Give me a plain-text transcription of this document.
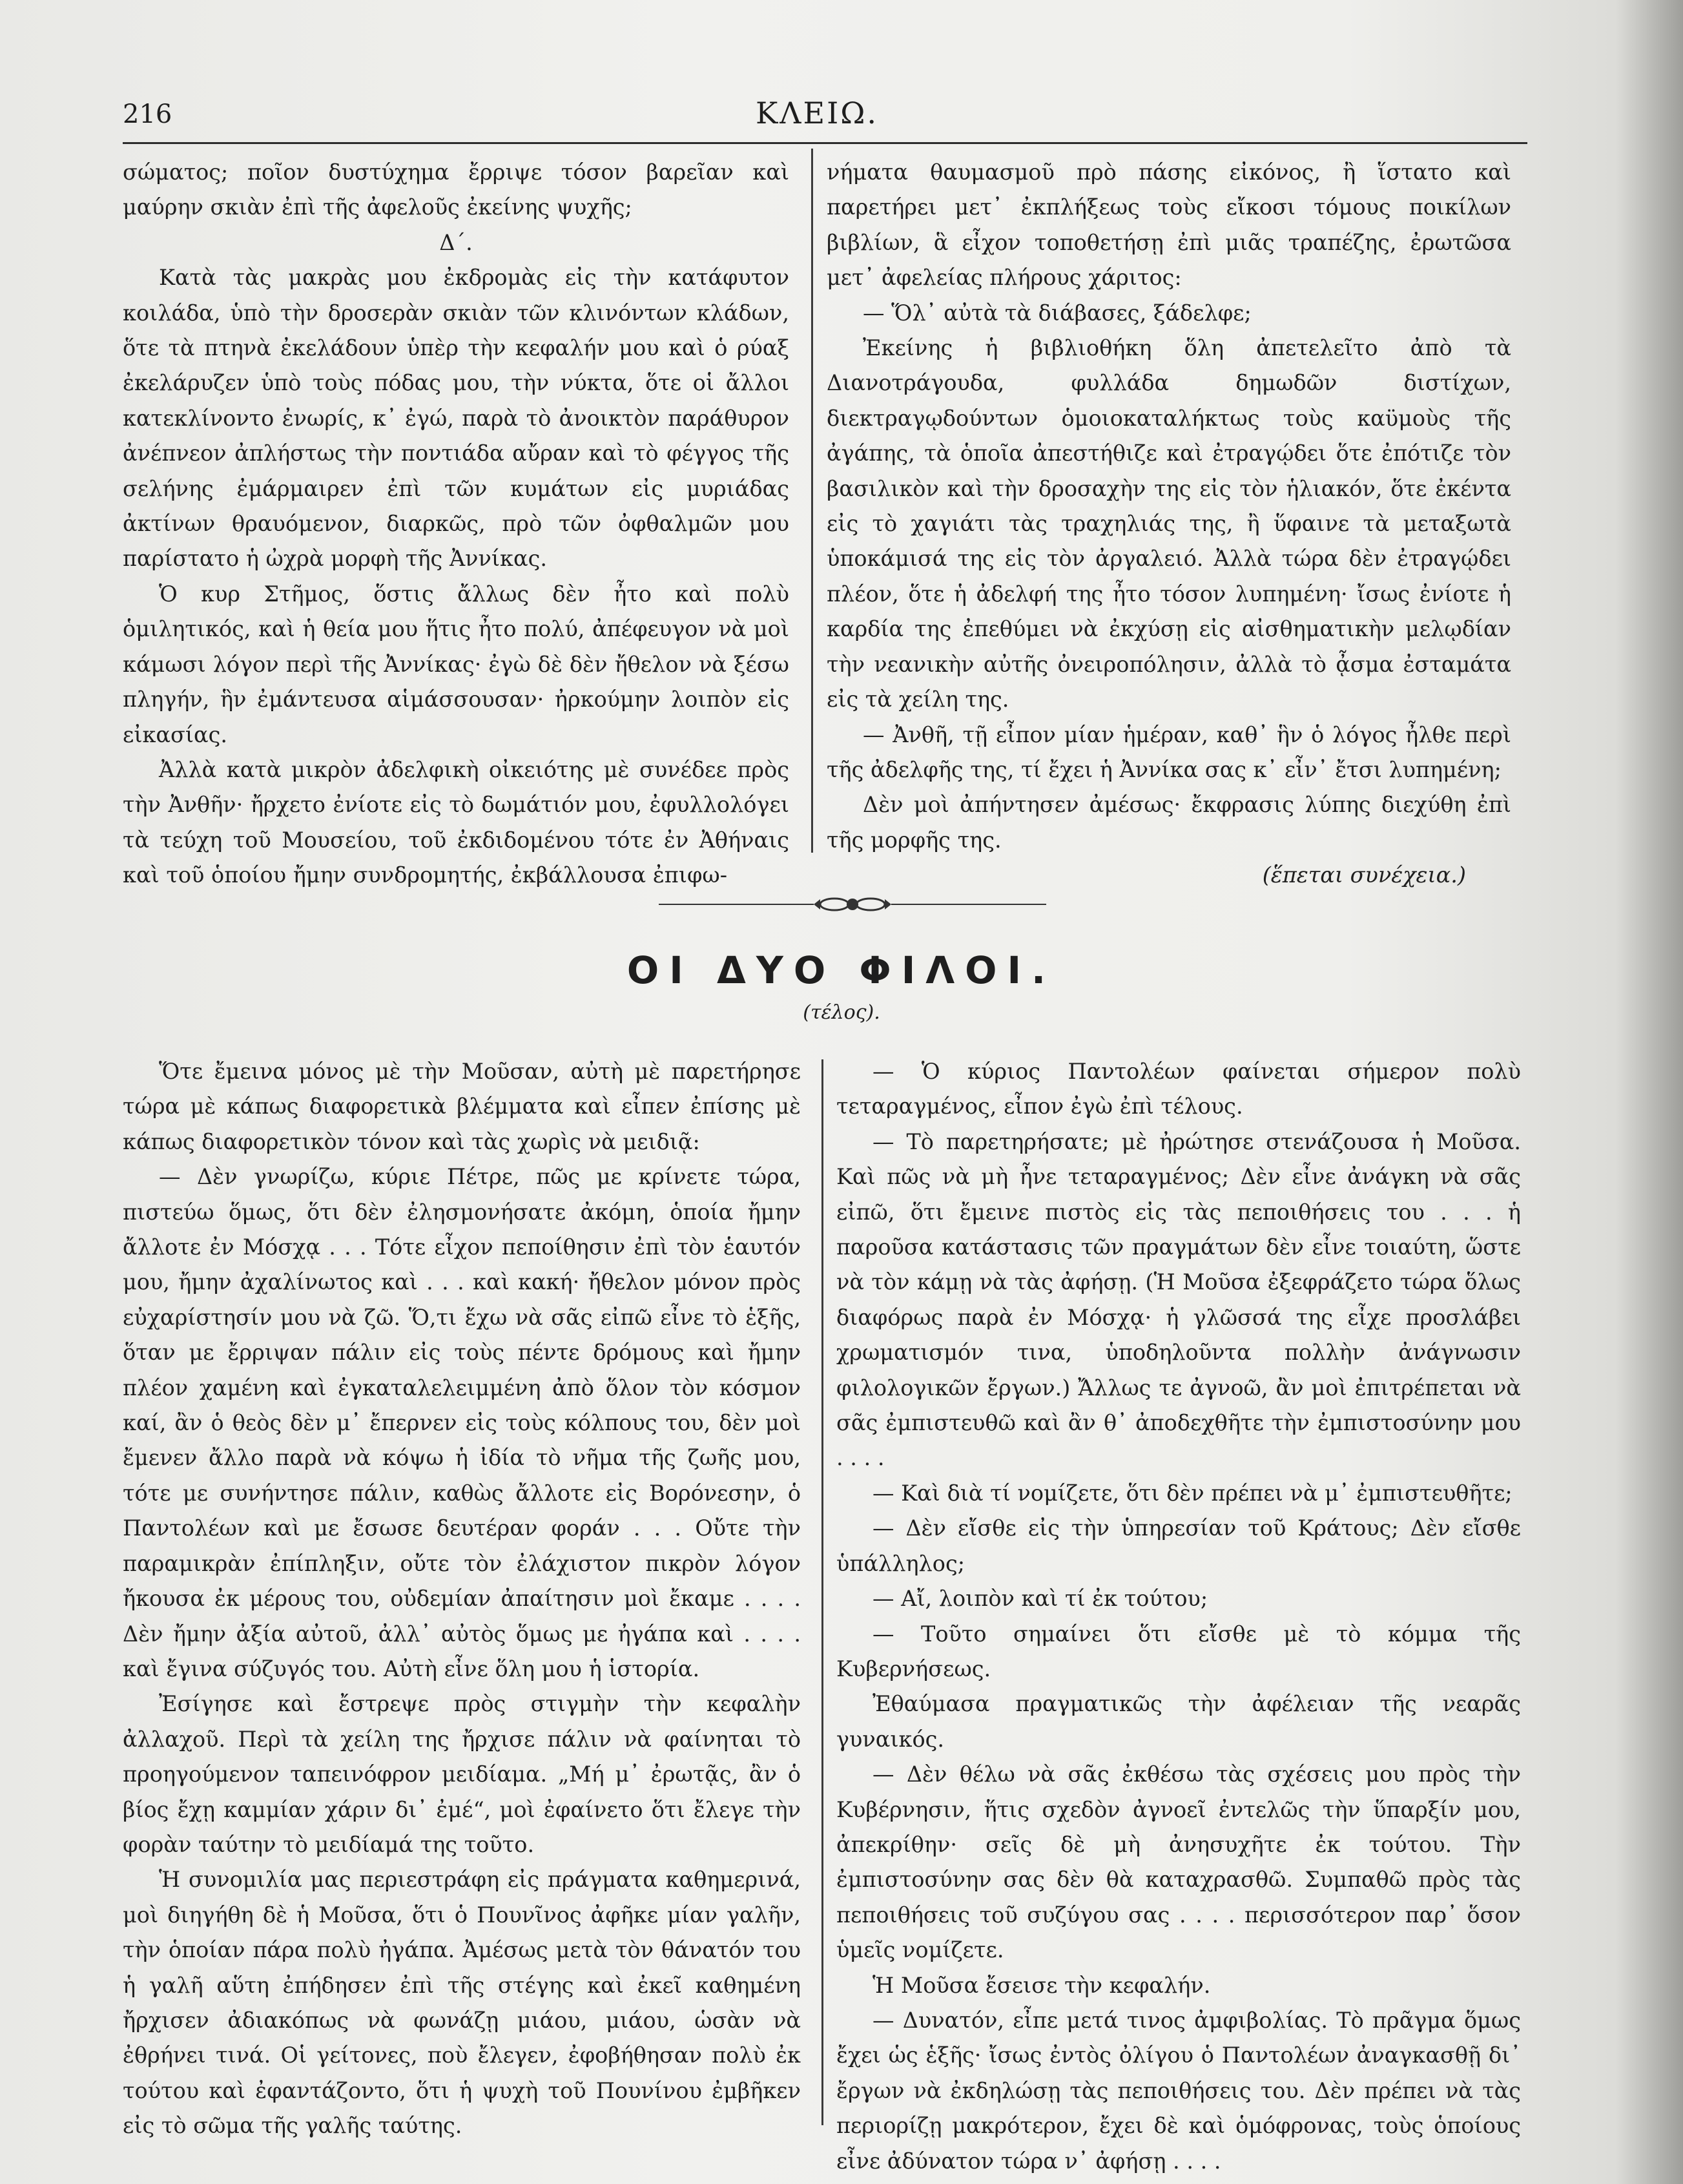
216	ΚΛΕΙΩ.

σώματος; ποῖον δυστύχημα ἔρριψε τόσον βαρεῖαν καὶ μαύρην σκιὰν ἐπὶ τῆς ἀφελοῦς ἐκείνης ψυχῆς;

Δ΄.

Κατὰ τὰς μακρὰς μου ἐκδρομὰς εἰς τὴν κατάφυτον κοιλάδα, ὑπὸ τὴν δροσερὰν σκιὰν τῶν κλινόντων κλάδων, ὅτε τὰ πτηνὰ ἐκελάδουν ὑπὲρ τὴν κεφαλήν μου καὶ ὁ ρύαξ ἐκελάρυζεν ὑπὸ τοὺς πόδας μου, τὴν νύκτα, ὅτε οἱ ἄλλοι κατεκλίνοντο ἐνωρίς, κ᾿ ἐγώ, παρὰ τὸ ἀνοικτὸν παράθυρον ἀνέπνεον ἀπλήστως τὴν ποντιάδα αὔραν καὶ τὸ φέγγος τῆς σελήνης ἐμάρμαιρεν ἐπὶ τῶν κυμάτων εἰς μυριάδας ἀκτίνων θραυόμενον, διαρκῶς, πρὸ τῶν ὀφθαλμῶν μου παρίστατο ἡ ὠχρὰ μορφὴ τῆς Ἀννίκας.

Ὁ κυρ Στῆμος, ὅστις ἄλλως δὲν ἦτο καὶ πολὺ ὁμιλητικός, καὶ ἡ θεία μου ἥτις ἦτο πολύ, ἀπέφευγον νὰ μοὶ κάμωσι λόγον περὶ τῆς Ἀννίκας· ἐγὼ δὲ δὲν ἤθελον νὰ ξέσω πληγήν, ἣν ἐμάντευσα αἱμάσσουσαν· ἠρκούμην λοιπὸν εἰς εἰκασίας.

Ἀλλὰ κατὰ μικρὸν ἀδελφικὴ οἰκειότης μὲ συνέδεε πρὸς τὴν Ἀνθῆν· ἤρχετο ἐνίοτε εἰς τὸ δωμάτιόν μου, ἐφυλλολόγει τὰ τεύχη τοῦ Μουσείου, τοῦ ἐκδιδομένου τότε ἐν Ἀθήναις καὶ τοῦ ὁποίου ἤμην συνδρομητής, ἐκβάλλουσα ἐπιφω-

νήματα θαυμασμοῦ πρὸ πάσης εἰκόνος, ἢ ἵστατο καὶ παρετήρει μετ᾿ ἐκπλήξεως τοὺς εἴκοσι τόμους ποικίλων βιβλίων, ἃ εἶχον τοποθετήσῃ ἐπὶ μιᾶς τραπέζης, ἐρωτῶσα μετ᾿ ἀφελείας πλήρους χάριτος:

— Ὅλ᾿ αὐτὰ τὰ διάβασες, ξάδελφε;

Ἐκείνης ἡ βιβλιοθήκη ὅλη ἀπετελεῖτο ἀπὸ τὰ Διανοτράγουδα, φυλλάδα δημωδῶν διστίχων, διεκτραγῳδούντων ὁμοιοκαταλήκτως τοὺς καϋμοὺς τῆς ἀγάπης, τὰ ὁποῖα ἀπεστήθιζε καὶ ἐτραγῴδει ὅτε ἐπότιζε τὸν βασιλικὸν καὶ τὴν δροσαχὴν της εἰς τὸν ἡλιακόν, ὅτε ἐκέντα εἰς τὸ χαγιάτι τὰς τραχηλιάς της, ἢ ὕφαινε τὰ μεταξωτὰ ὑποκάμισά της εἰς τὸν ἀργαλειό. Ἀλλὰ τώρα δὲν ἐτραγῴδει πλέον, ὅτε ἡ ἀδελφή της ἦτο τόσον λυπημένη· ἴσως ἐνίοτε ἡ καρδία της ἐπεθύμει νὰ ἐκχύσῃ εἰς αἰσθηματικὴν μελῳδίαν τὴν νεανικὴν αὐτῆς ὀνειροπόλησιν, ἀλλὰ τὸ ᾆσμα ἐσταμάτα εἰς τὰ χείλη της.

— Ἀνθῆ, τῇ εἶπον μίαν ἡμέραν, καθ᾿ ἣν ὁ λόγος ἦλθε περὶ τῆς ἀδελφῆς της, τί ἔχει ἡ Ἀννίκα σας κ᾿ εἶν᾿ ἔτσι λυπημένη;

Δὲν μοὶ ἀπήντησεν ἀμέσως· ἔκφρασις λύπης διεχύθη ἐπὶ τῆς μορφῆς της.

(ἕπεται συνέχεια.)

ΟΙ ΔΥΟ ΦΙΛΟΙ.
(τέλος).

Ὅτε ἔμεινα μόνος μὲ τὴν Μοῦσαν, αὐτὴ μὲ παρετήρησε τώρα μὲ κάπως διαφορετικὰ βλέμματα καὶ εἶπεν ἐπίσης μὲ κάπως διαφορετικὸν τόνον καὶ τὰς χωρὶς νὰ μειδιᾷ:

— Δὲν γνωρίζω, κύριε Πέτρε, πῶς με κρίνετε τώρα, πιστεύω ὅμως, ὅτι δὲν ἐλησμονήσατε ἀκόμη, ὁποία ἤμην ἄλλοτε ἐν Μόσχᾳ . . . Τότε εἶχον πεποίθησιν ἐπὶ τὸν ἑαυτόν μου, ἤμην ἀχαλίνωτος καὶ . . . καὶ κακή· ἤθελον μόνον πρὸς εὐχαρίστησίν μου νὰ ζῶ. Ὅ,τι ἔχω νὰ σᾶς εἰπῶ εἶνε τὸ ἑξῆς, ὅταν με ἔρριψαν πάλιν εἰς τοὺς πέντε δρόμους καὶ ἤμην πλέον χαμένη καὶ ἐγκαταλελειμμένη ἀπὸ ὅλον τὸν κόσμον καί, ἂν ὁ θεὸς δὲν μ᾿ ἔπερνεν εἰς τοὺς κόλπους του, δὲν μοὶ ἔμενεν ἄλλο παρὰ νὰ κόψω ἡ ἰδία τὸ νῆμα τῆς ζωῆς μου, τότε με συνήντησε πάλιν, καθὼς ἄλλοτε εἰς Βορόνεσην, ὁ Παντολέων καὶ με ἔσωσε δευτέραν φοράν . . . Οὔτε τὴν παραμικρὰν ἐπίπληξιν, οὔτε τὸν ἐλάχιστον πικρὸν λόγον ἤκουσα ἐκ μέρους του, οὐδεμίαν ἀπαίτησιν μοὶ ἔκαμε . . . . Δὲν ἤμην ἀξία αὐτοῦ, ἀλλ᾿ αὐτὸς ὅμως με ἠγάπα καὶ . . . . καὶ ἔγινα σύζυγός του. Αὐτὴ εἶνε ὅλη μου ἡ ἱστορία.

Ἐσίγησε καὶ ἔστρεψε πρὸς στιγμὴν τὴν κεφαλὴν ἀλλαχοῦ. Περὶ τὰ χείλη της ἤρχισε πάλιν νὰ φαίνηται τὸ προηγούμενον ταπεινόφρον μειδίαμα. „Μή μ᾿ ἐρωτᾷς, ἂν ὁ βίος ἔχῃ καμμίαν χάριν δι᾿ ἐμέ“, μοὶ ἐφαίνετο ὅτι ἔλεγε τὴν φορὰν ταύτην τὸ μειδίαμά της τοῦτο.

Ἡ συνομιλία μας περιεστράφη εἰς πράγματα καθημερινά, μοὶ διηγήθη δὲ ἡ Μοῦσα, ὅτι ὁ Πουνῖνος ἀφῆκε μίαν γαλῆν, τὴν ὁποίαν πάρα πολὺ ἠγάπα. Ἀμέσως μετὰ τὸν θάνατόν του ἡ γαλῆ αὕτη ἐπήδησεν ἐπὶ τῆς στέγης καὶ ἐκεῖ καθημένη ἤρχισεν ἀδιακόπως νὰ φωνάζῃ μιάου, μιάου, ὡσὰν νὰ ἐθρήνει τινά. Οἱ γείτονες, ποὺ ἔλεγεν, ἐφοβήθησαν πολὺ ἐκ τούτου καὶ ἐφαντάζοντο, ὅτι ἡ ψυχὴ τοῦ Πουνίνου ἐμβῆκεν εἰς τὸ σῶμα τῆς γαλῆς ταύτης.

— Ὁ κύριος Παντολέων φαίνεται σήμερον πολὺ τεταραγμένος, εἶπον ἐγὼ ἐπὶ τέλους.

— Τὸ παρετηρήσατε; μὲ ἠρώτησε στενάζουσα ἡ Μοῦσα. Καὶ πῶς νὰ μὴ ἦνε τεταραγμένος; Δὲν εἶνε ἀνάγκη νὰ σᾶς εἰπῶ, ὅτι ἔμεινε πιστὸς εἰς τὰς πεποιθήσεις του . . . ἡ παροῦσα κατάστασις τῶν πραγμάτων δὲν εἶνε τοιαύτη, ὥστε νὰ τὸν κάμῃ νὰ τὰς ἀφήσῃ. (Ἡ Μοῦσα ἐξεφράζετο τώρα ὅλως διαφόρως παρὰ ἐν Μόσχᾳ· ἡ γλῶσσά της εἶχε προσλάβει χρωματισμόν τινα, ὑποδηλοῦντα πολλὴν ἀνάγνωσιν φιλολογικῶν ἔργων.) Ἄλλως τε ἀγνοῶ, ἂν μοὶ ἐπιτρέπεται νὰ σᾶς ἐμπιστευθῶ καὶ ἂν θ᾿ ἀποδεχθῆτε τὴν ἐμπιστοσύνην μου . . . .

— Καὶ διὰ τί νομίζετε, ὅτι δὲν πρέπει νὰ μ᾿ ἐμπιστευθῆτε;

— Δὲν εἴσθε εἰς τὴν ὑπηρεσίαν τοῦ Κράτους; Δὲν εἴσθε ὑπάλληλος;

— Αἴ, λοιπὸν καὶ τί ἐκ τούτου;

— Τοῦτο σημαίνει ὅτι εἴσθε μὲ τὸ κόμμα τῆς Κυβερνήσεως.

Ἐθαύμασα πραγματικῶς τὴν ἀφέλειαν τῆς νεαρᾶς γυναικός.

— Δὲν θέλω νὰ σᾶς ἐκθέσω τὰς σχέσεις μου πρὸς τὴν Κυβέρνησιν, ἥτις σχεδὸν ἀγνοεῖ ἐντελῶς τὴν ὕπαρξίν μου, ἀπεκρίθην· σεῖς δὲ μὴ ἀνησυχῆτε ἐκ τούτου. Τὴν ἐμπιστοσύνην σας δὲν θὰ καταχρασθῶ. Συμπαθῶ πρὸς τὰς πεποιθήσεις τοῦ συζύγου σας . . . . περισσότερον παρ᾿ ὅσον ὑμεῖς νομίζετε.

Ἡ Μοῦσα ἔσεισε τὴν κεφαλήν.

— Δυνατόν, εἶπε μετά τινος ἀμφιβολίας. Τὸ πρᾶγμα ὅμως ἔχει ὡς ἑξῆς· ἴσως ἐντὸς ὀλίγου ὁ Παντολέων ἀναγκασθῇ δι᾿ ἔργων νὰ ἐκδηλώσῃ τὰς πεποιθήσεις του. Δὲν πρέπει νὰ τὰς περιορίζῃ μακρότερον, ἔχει δὲ καὶ ὁμόφρονας, τοὺς ὁποίους εἶνε ἀδύνατον τώρα ν᾿ ἀφήσῃ . . . .
